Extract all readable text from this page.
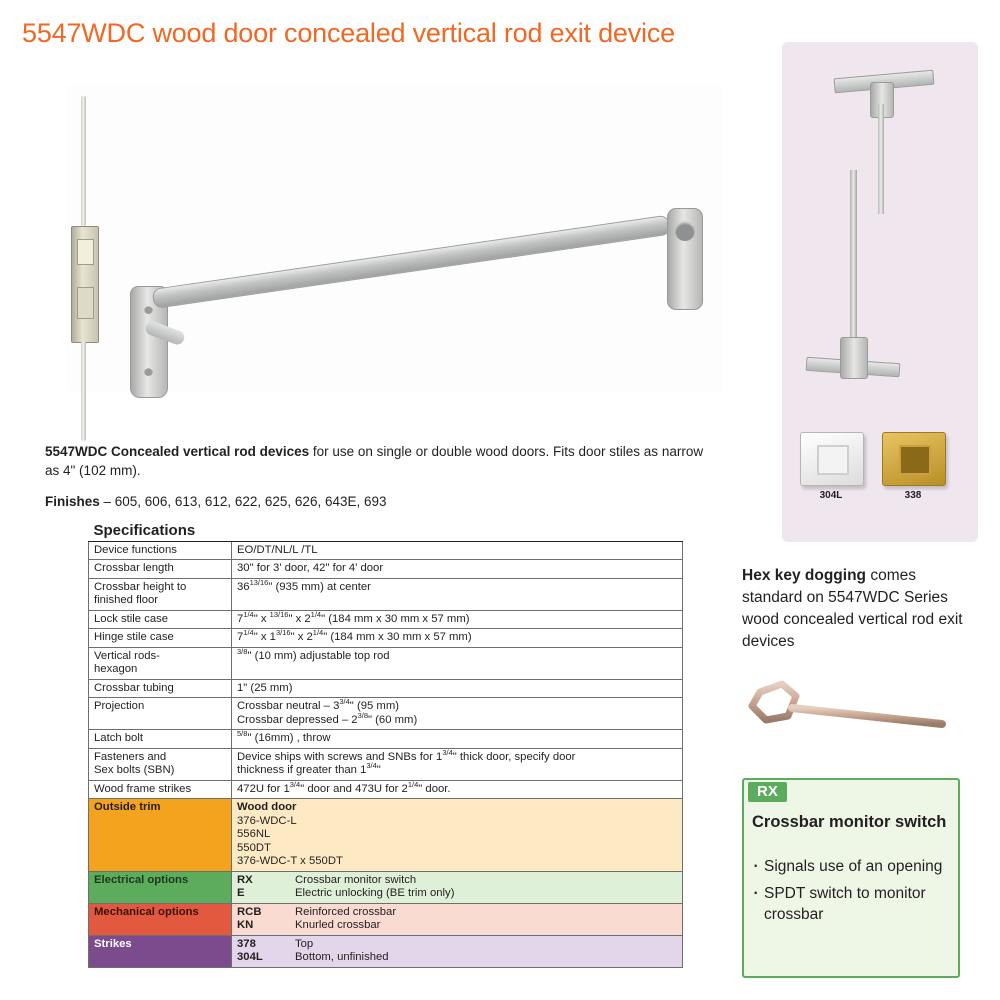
5547WDC wood door concealed vertical rod exit device
5547WDC Concealed vertical rod devices for use on single or double wood doors. Fits door stiles as narrow as 4" (102 mm).
Finishes – 605, 606, 613, 612, 622, 625, 626, 643E, 693
Specifications	
Device functions	EO/DT/NL/L /TL
Crossbar length	30" for 3' door, 42" for 4' door
Crossbar height to
finished floor	$36^{13/16}$" (935 mm) at center
Lock stile case	$7^{1/4}$" x $^{13/16}$" x $2^{1/4}$" (184 mm x 30 mm x 57 mm)
Hinge stile case	$7^{1/4}$" x $1^{3/16}$" x $2^{1/4}$" (184 mm x 30 mm x 57 mm)
Vertical rods-
hexagon	$^{3/8}$" (10 mm) adjustable top rod
Crossbar tubing	1" (25 mm)
Projection	Crossbar neutral – $3^{3/4}$" (95 mm)
Crossbar depressed – $2^{3/8}$" (60 mm)
Latch bolt	$^{5/8}$" (16mm) , throw
Fasteners and
Sex bolts (SBN)	Device ships with screws and SNBs for $1^{3/4}$" thick door, specify door
thickness if greater than $1^{3/4}$"
Wood frame strikes	472U for $1^{3/4}$" door and 473U for $2^{1/4}$" door.
Outside trim	Wood door
376-WDC-L
556NL
550DT
376-WDC-T x 550DT
Electrical options	RX Crossbar monitor switch
E Electric unlocking (BE trim only)
Mechanical options	RCB Reinforced crossbar
KN Knurled crossbar
Strikes	378 Top
304L Bottom, unfinished
304L	338
Hex key dogging comes standard on 5547WDC Series wood concealed vertical rod exit devices
RX
Crossbar monitor switch
· Signals use of an opening
· SPDT switch to monitor crossbar
